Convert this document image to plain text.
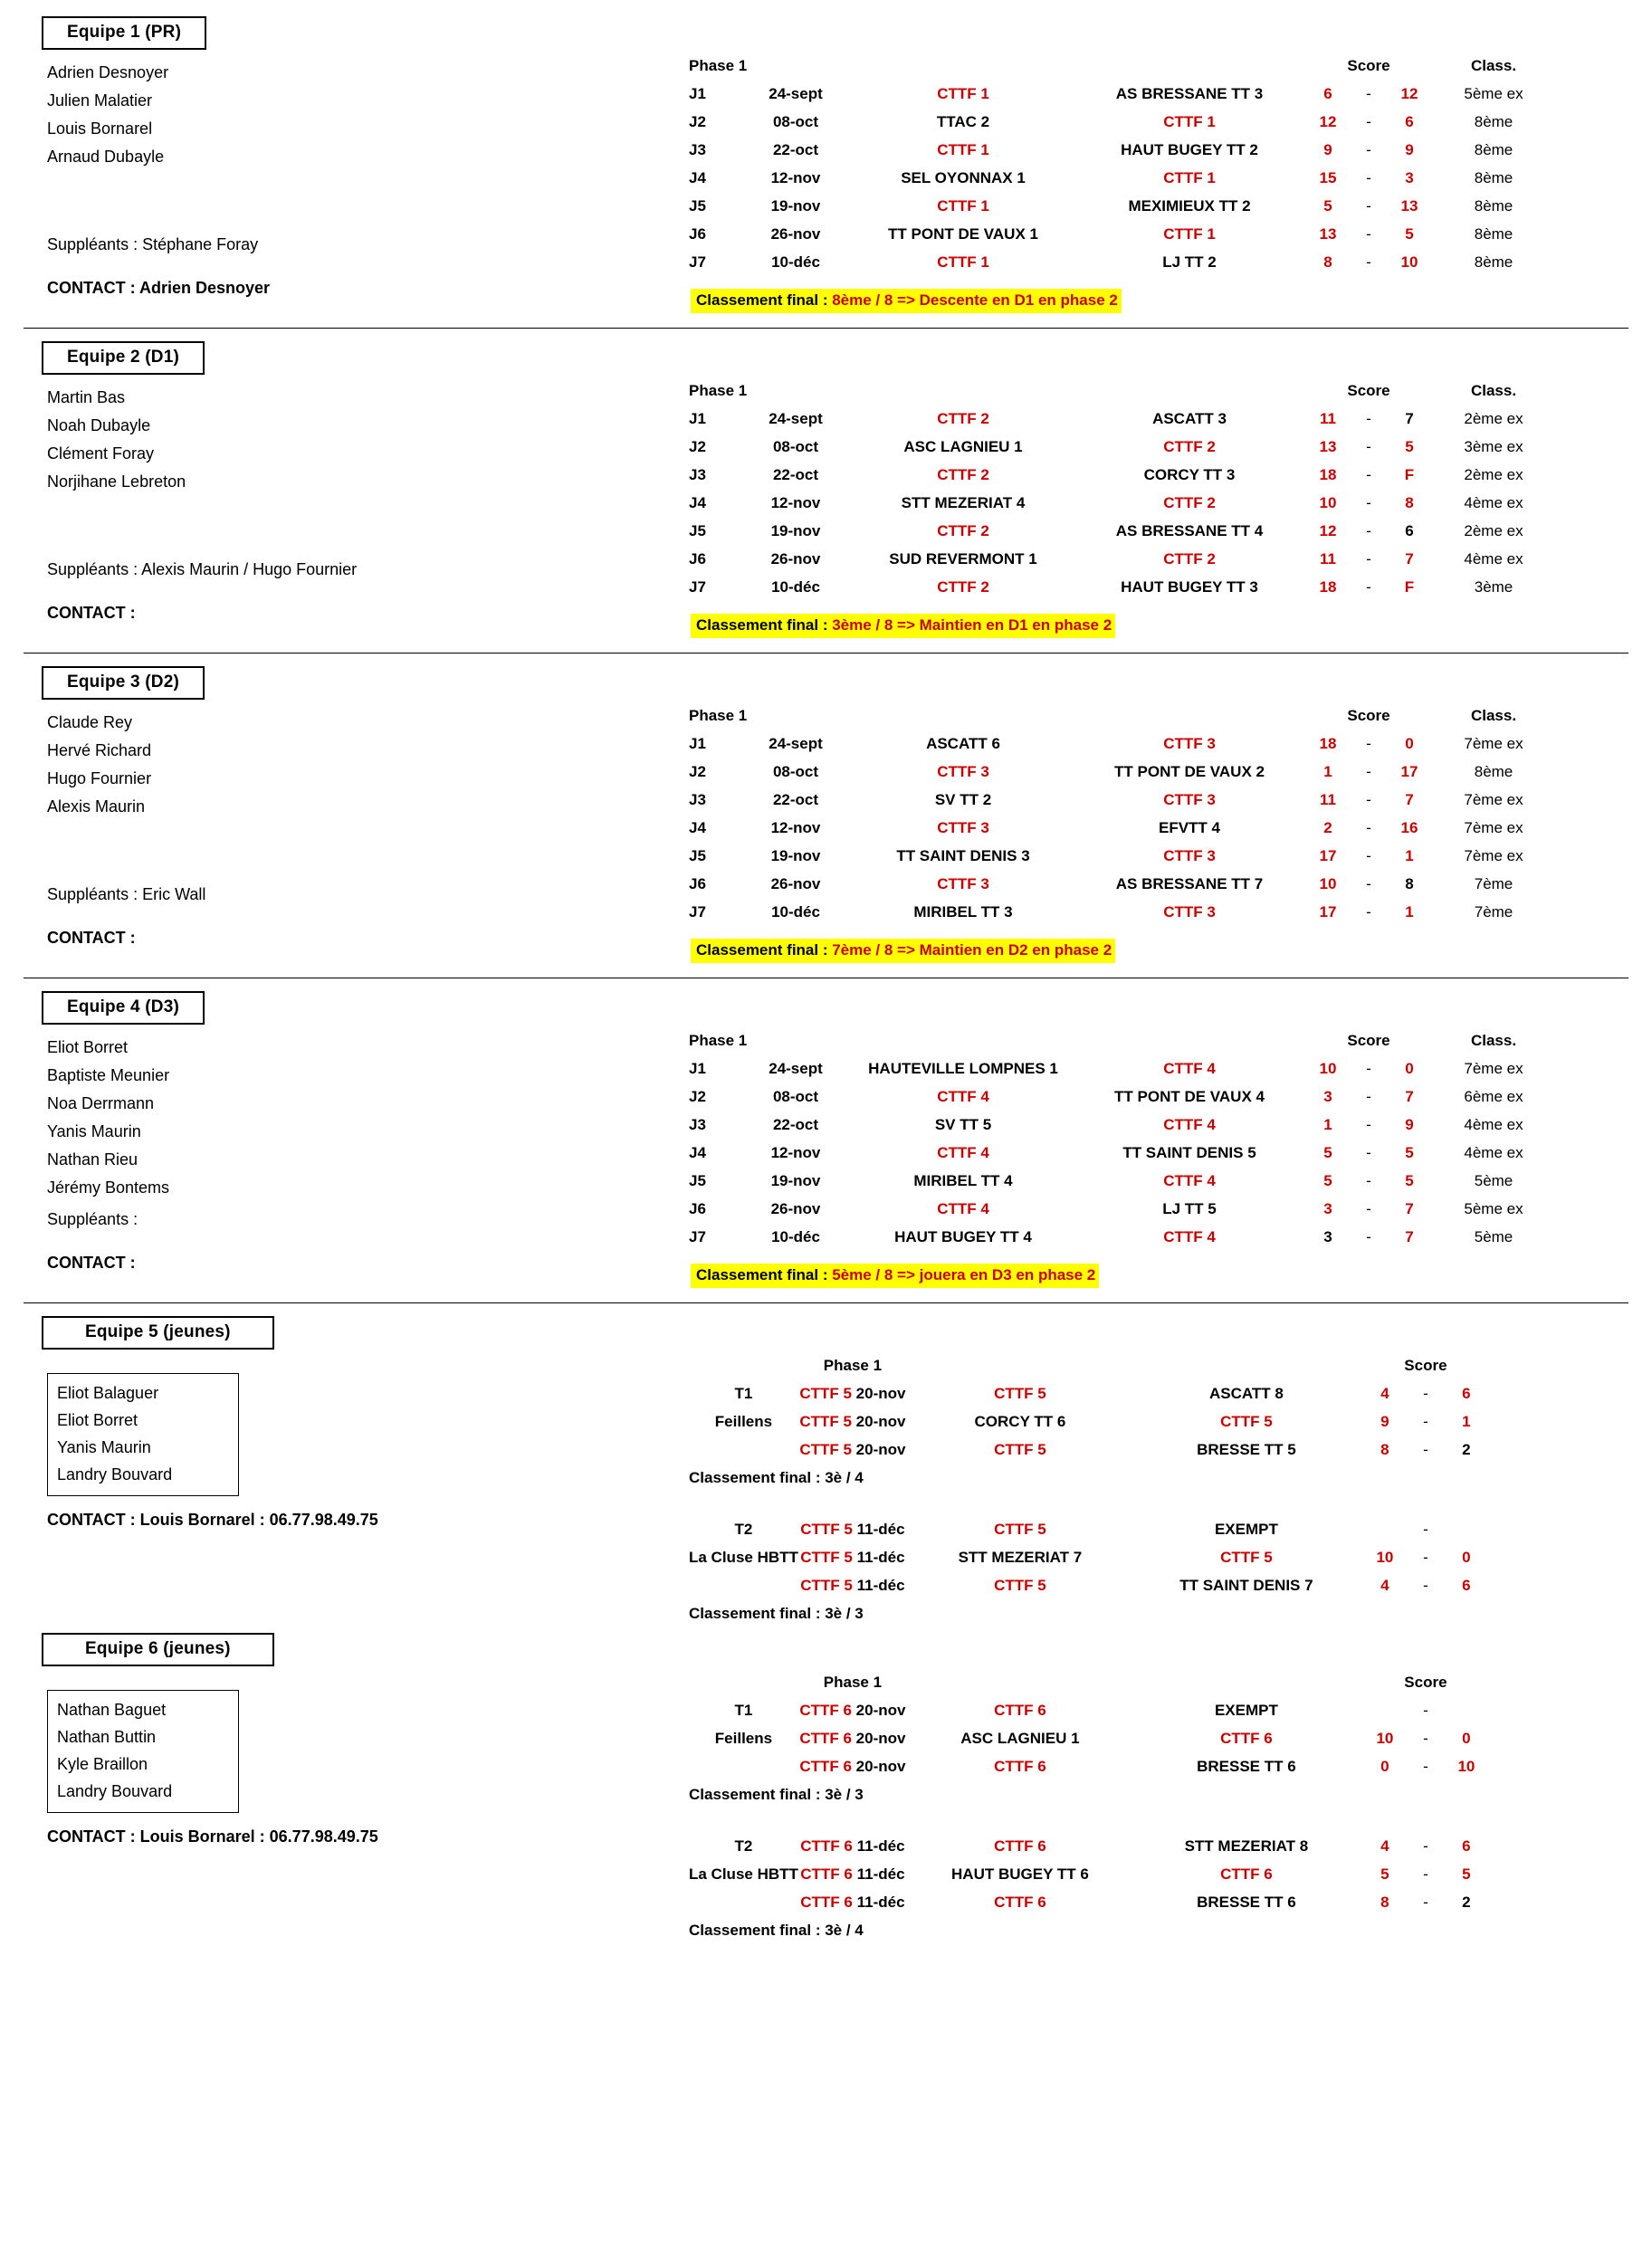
Equipe 1 (PR)
Adrien Desnoyer
Julien Malatier
Louis Bornarel
Arnaud Dubayle
Suppléants : Stéphane Foray
CONTACT : Adrien Desnoyer
Phase 1				Score			Class.
J1	24-sept	CTTF 1	AS BRESSANE TT 3	6	-	12	5ème ex
J2	08-oct	TTAC 2	CTTF 1	12	-	6	8ème
J3	22-oct	CTTF 1	HAUT BUGEY TT 2	9	-	9	8ème
J4	12-nov	SEL OYONNAX 1	CTTF 1	15	-	3	8ème
J5	19-nov	CTTF 1	MEXIMIEUX TT 2	5	-	13	8ème
J6	26-nov	TT PONT DE VAUX 1	CTTF 1	13	-	5	8ème
J7	10-déc	CTTF 1	LJ TT 2	8	-	10	8ème
Classement final : 8ème / 8 => Descente en D1 en phase 2
Equipe 2 (D1)
Martin Bas
Noah Dubayle
Clément Foray
Norjihane Lebreton
Suppléants : Alexis Maurin / Hugo Fournier
CONTACT :
Phase 1				Score			Class.
J1	24-sept	CTTF 2	ASCATT 3	11	-	7	2ème ex
J2	08-oct	ASC LAGNIEU 1	CTTF 2	13	-	5	3ème ex
J3	22-oct	CTTF 2	CORCY TT 3	18	-	F	2ème ex
J4	12-nov	STT MEZERIAT 4	CTTF 2	10	-	8	4ème ex
J5	19-nov	CTTF 2	AS BRESSANE TT 4	12	-	6	2ème ex
J6	26-nov	SUD REVERMONT 1	CTTF 2	11	-	7	4ème ex
J7	10-déc	CTTF 2	HAUT BUGEY TT 3	18	-	F	3ème
Classement final : 3ème / 8 => Maintien en D1 en phase 2
Equipe 3 (D2)
Claude Rey
Hervé Richard
Hugo Fournier
Alexis Maurin
Suppléants : Eric Wall
CONTACT :
Phase 1				Score			Class.
J1	24-sept	ASCATT 6	CTTF 3	18	-	0	7ème ex
J2	08-oct	CTTF 3	TT PONT DE VAUX 2	1	-	17	8ème
J3	22-oct	SV TT 2	CTTF 3	11	-	7	7ème ex
J4	12-nov	CTTF 3	EFVTT 4	2	-	16	7ème ex
J5	19-nov	TT SAINT DENIS 3	CTTF 3	17	-	1	7ème ex
J6	26-nov	CTTF 3	AS BRESSANE TT 7	10	-	8	7ème
J7	10-déc	MIRIBEL TT 3	CTTF 3	17	-	1	7ème
Classement final : 7ème / 8 => Maintien en D2 en phase 2
Equipe 4 (D3)
Eliot Borret
Baptiste Meunier
Noa Derrmann
Yanis Maurin
Nathan Rieu
Jérémy Bontems
Suppléants :
CONTACT :
Phase 1				Score			Class.
J1	24-sept	HAUTEVILLE LOMPNES 1	CTTF 4	10	-	0	7ème ex
J2	08-oct	CTTF 4	TT PONT DE VAUX 4	3	-	7	6ème ex
J3	22-oct	SV TT 5	CTTF 4	1	-	9	4ème ex
J4	12-nov	CTTF 4	TT SAINT DENIS 5	5	-	5	4ème ex
J5	19-nov	MIRIBEL TT 4	CTTF 4	5	-	5	5ème
J6	26-nov	CTTF 4	LJ TT 5	3	-	7	5ème ex
J7	10-déc	HAUT BUGEY TT 4	CTTF 4	3	-	7	5ème
Classement final : 5ème / 8 => jouera en D3 en phase 2
Equipe 5 (jeunes)
Eliot Balaguer
Eliot Borret
Yanis Maurin
Landry Bouvard
CONTACT : Louis Bornarel : 06.77.98.49.75
	Phase 1			Score		
T1	CTTF 5 20-nov	CTTF 5	ASCATT 8	4	-	6
Feillens	CTTF 5 20-nov	CORCY TT 6	CTTF 5	9	-	1
	CTTF 5 20-nov	CTTF 5	BRESSE TT 5	8	-	2
Classement final : 3è / 4						

T2	CTTF 5 11-déc	CTTF 5	EXEMPT		-	
La Cluse HBTT	CTTF 5 11-déc	STT MEZERIAT 7	CTTF 5	10	-	0
	CTTF 5 11-déc	CTTF 5	TT SAINT DENIS 7	4	-	6
Classement final : 3è / 3						
Equipe 6 (jeunes)
Nathan Baguet
Nathan Buttin
Kyle Braillon
Landry Bouvard
CONTACT : Louis Bornarel : 06.77.98.49.75
	Phase 1			Score		
T1	CTTF 6 20-nov	CTTF 6	EXEMPT		-	
Feillens	CTTF 6 20-nov	ASC LAGNIEU 1	CTTF 6	10	-	0
	CTTF 6 20-nov	CTTF 6	BRESSE TT 6	0	-	10
Classement final : 3è / 3						

T2	CTTF 6 11-déc	CTTF 6	STT MEZERIAT 8	4	-	6
La Cluse HBTT	CTTF 6 11-déc	HAUT BUGEY TT 6	CTTF 6	5	-	5
	CTTF 6 11-déc	CTTF 6	BRESSE TT 6	8	-	2
Classement final : 3è / 4						
